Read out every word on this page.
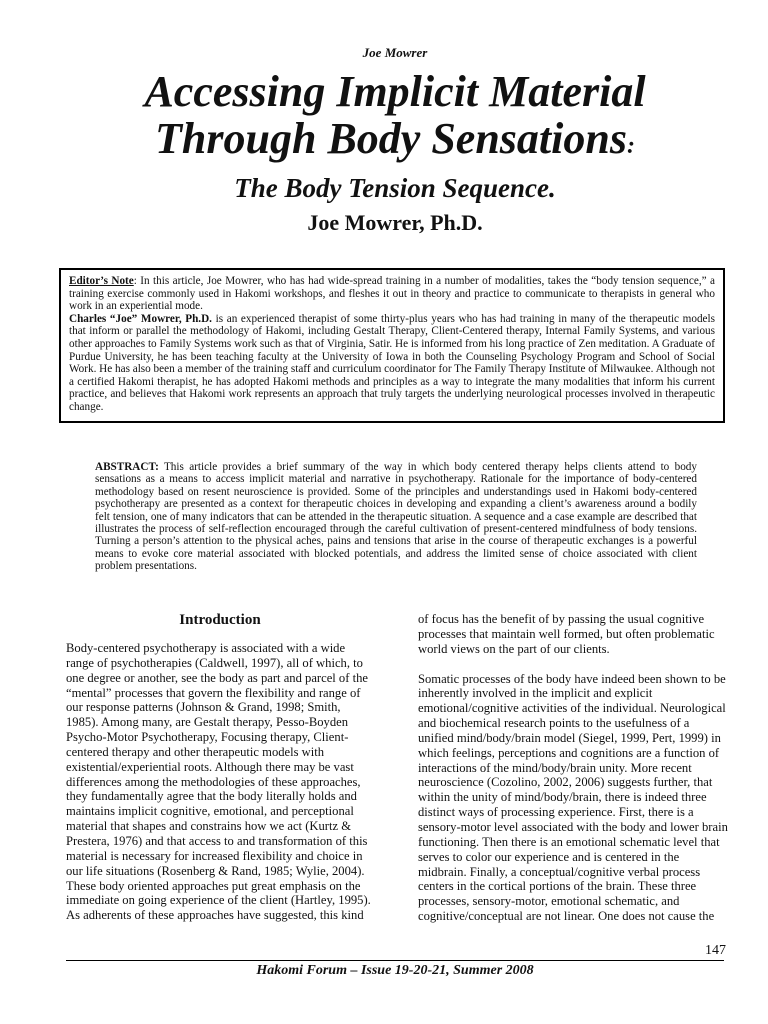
Joe Mowrer
Accessing Implicit Material
Through Body Sensations:
The Body Tension Sequence.
Joe Mowrer, Ph.D.

Editor’s Note: In this article, Joe Mowrer, who has had wide-spread training in a number of modalities, takes the “body tension sequence,” a training exercise commonly used in Hakomi workshops, and fleshes it out in theory and practice to communicate to therapists in general who work in an experiential mode.

Charles “Joe” Mowrer, Ph.D. is an experienced therapist of some thirty-plus years who has had training in many of the therapeutic models that inform or parallel the methodology of Hakomi, including Gestalt Therapy, Client-Centered therapy, Internal Family Systems, and various other approaches to Family Systems work such as that of Virginia, Satir. He is informed from his long practice of Zen meditation. A Graduate of Purdue University, he has been teaching faculty at the University of Iowa in both the Counseling Psychology Program and School of Social Work. He has also been a member of the training staff and curriculum coordinator for The Family Therapy Institute of Milwaukee. Although not a certified Hakomi therapist, he has adopted Hakomi methods and principles as a way to integrate the many modalities that inform his current practice, and believes that Hakomi work represents an approach that truly targets the underlying neurological processes involved in therapeutic change.

ABSTRACT: This article provides a brief summary of the way in which body centered therapy helps clients attend to body sensations as a means to access implicit material and narrative in psychotherapy. Rationale for the importance of body-centered methodology based on resent neuroscience is provided. Some of the principles and understandings used in Hakomi body-centered psychotherapy are presented as a context for therapeutic choices in developing and expanding a client’s awareness around a bodily felt tension, one of many indicators that can be attended in the therapeutic situation. A sequence and a case example are described that illustrates the process of self-reflection encouraged through the careful cultivation of present-centered mindfulness of body tensions. Turning a person’s attention to the physical aches, pains and tensions that arise in the course of therapeutic exchanges is a powerful means to evoke core material associated with blocked potentials, and address the limited sense of choice associated with client problem presentations.

Introduction

Body-centered psychotherapy is associated with a wide range of psychotherapies (Caldwell, 1997), all of which, to one degree or another, see the body as part and parcel of the “mental” processes that govern the flexibility and range of our response patterns (Johnson & Grand, 1998; Smith, 1985). Among many, are Gestalt therapy, Pesso-Boyden Psycho-Motor Psychotherapy, Focusing therapy, Client-centered therapy and other therapeutic models with existential/experiential roots. Although there may be vast differences among the methodologies of these approaches, they fundamentally agree that the body literally holds and maintains implicit cognitive, emotional, and perceptional material that shapes and constrains how we act (Kurtz & Prestera, 1976) and that access to and transformation of this material is necessary for increased flexibility and choice in our life situations (Rosenberg & Rand, 1985; Wylie, 2004). These body oriented approaches put great emphasis on the immediate on going experience of the client (Hartley, 1995). As adherents of these approaches have suggested, this kind

of focus has the benefit of by passing the usual cognitive processes that maintain well formed, but often problematic world views on the part of our clients.

Somatic processes of the body have indeed been shown to be inherently involved in the implicit and explicit emotional/cognitive activities of the individual. Neurological and biochemical research points to the usefulness of a unified mind/body/brain model (Siegel, 1999, Pert, 1999) in which feelings, perceptions and cognitions are a function of interactions of the mind/body/brain unity. More recent neuroscience (Cozolino, 2002, 2006) suggests further, that within the unity of mind/body/brain, there is indeed three distinct ways of processing experience. First, there is a sensory-motor level associated with the body and lower brain functioning. Then there is an emotional schematic level that serves to color our experience and is centered in the midbrain. Finally, a conceptual/cognitive verbal process centers in the cortical portions of the brain. These three processes, sensory-motor, emotional schematic, and cognitive/conceptual are not linear. One does not cause the

147
Hakomi Forum – Issue 19-20-21, Summer 2008
